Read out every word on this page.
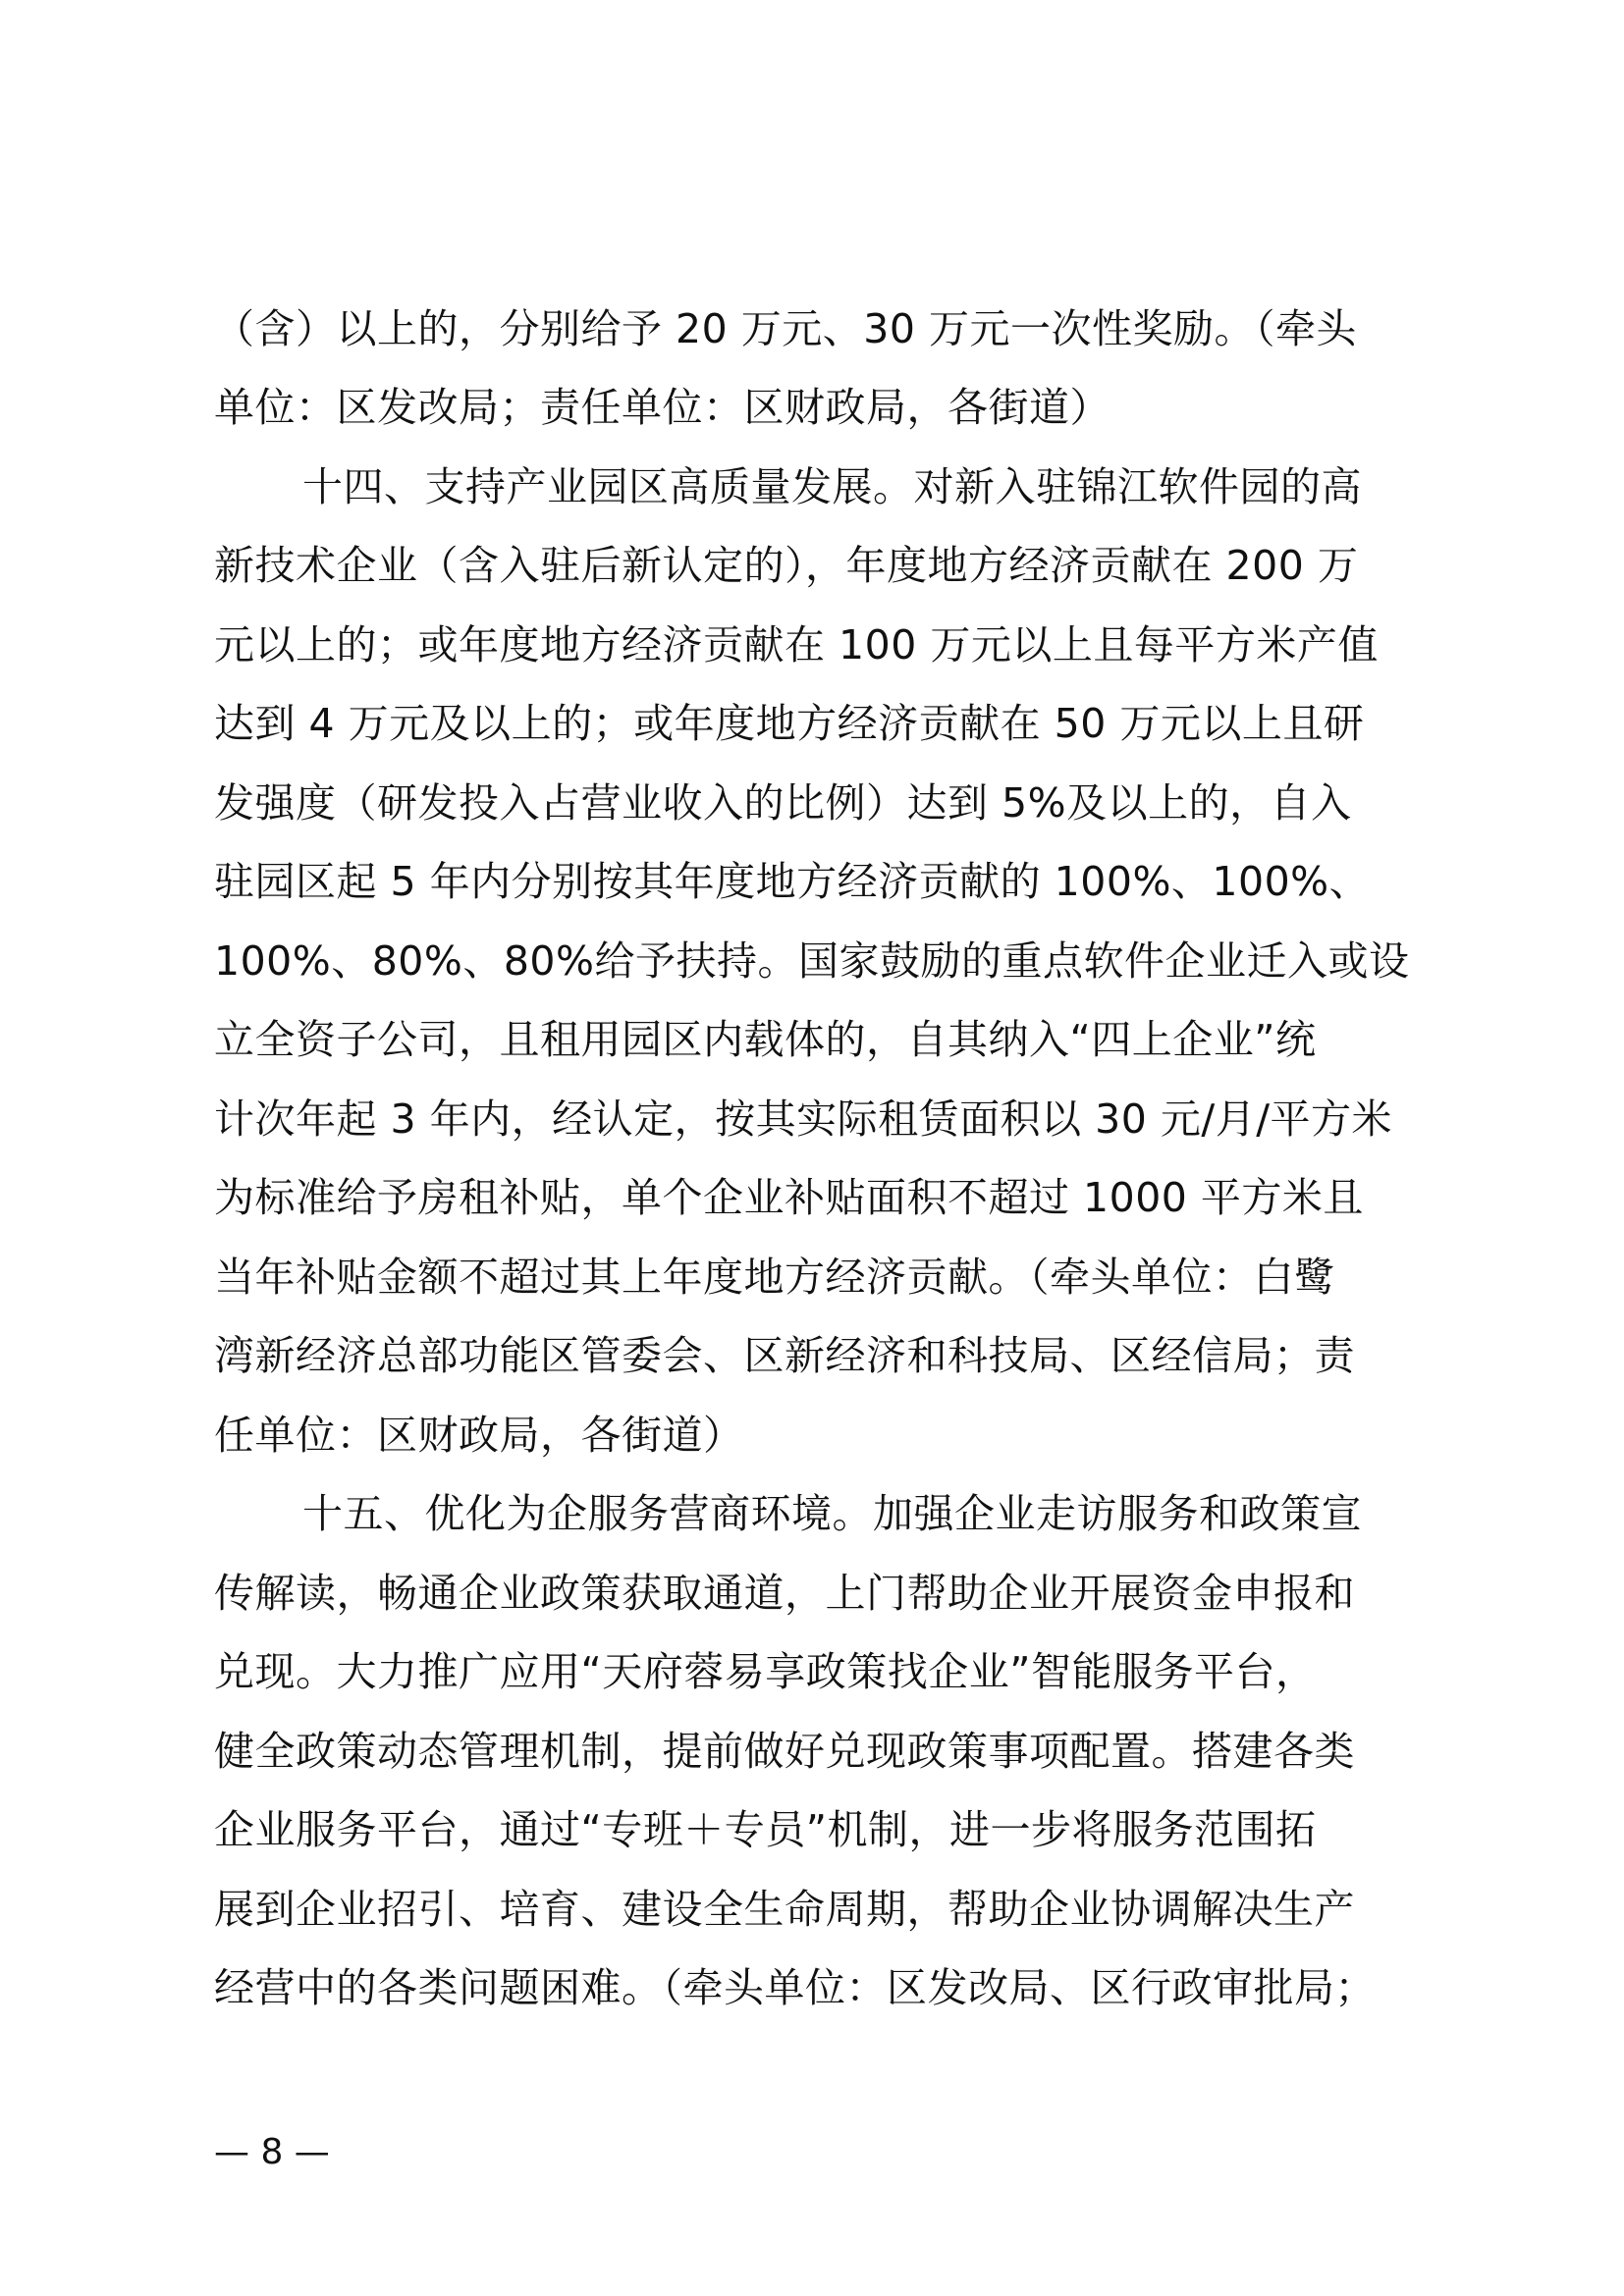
（含）以上的，分别给予 20 万元、30 万元一次性奖励。（牵头
单位：区发改局；责任单位：区财政局，各街道）
十四、支持产业园区高质量发展。对新入驻锦江软件园的高
新技术企业（含入驻后新认定的），年度地方经济贡献在 200 万
元以上的；或年度地方经济贡献在 100 万元以上且每平方米产值
达到 4 万元及以上的；或年度地方经济贡献在 50 万元以上且研
发强度（研发投入占营业收入的比例）达到 5%及以上的，自入
驻园区起 5 年内分别按其年度地方经济贡献的 100%、100%、
100%、80%、80%给予扶持。国家鼓励的重点软件企业迁入或设
立全资子公司，且租用园区内载体的，自其纳入“四上企业”统
计次年起 3 年内，经认定，按其实际租赁面积以 30 元/月/平方米
为标准给予房租补贴，单个企业补贴面积不超过 1000 平方米且
当年补贴金额不超过其上年度地方经济贡献。（牵头单位：白鹭
湾新经济总部功能区管委会、区新经济和科技局、区经信局；责
任单位：区财政局，各街道）
十五、优化为企服务营商环境。加强企业走访服务和政策宣
传解读，畅通企业政策获取通道，上门帮助企业开展资金申报和
兑现。大力推广应用“天府蓉易享政策找企业”智能服务平台，
健全政策动态管理机制，提前做好兑现政策事项配置。搭建各类
企业服务平台，通过“专班＋专员”机制，进一步将服务范围拓
展到企业招引、培育、建设全生命周期，帮助企业协调解决生产
经营中的各类问题困难。（牵头单位：区发改局、区行政审批局；
— 8 —
